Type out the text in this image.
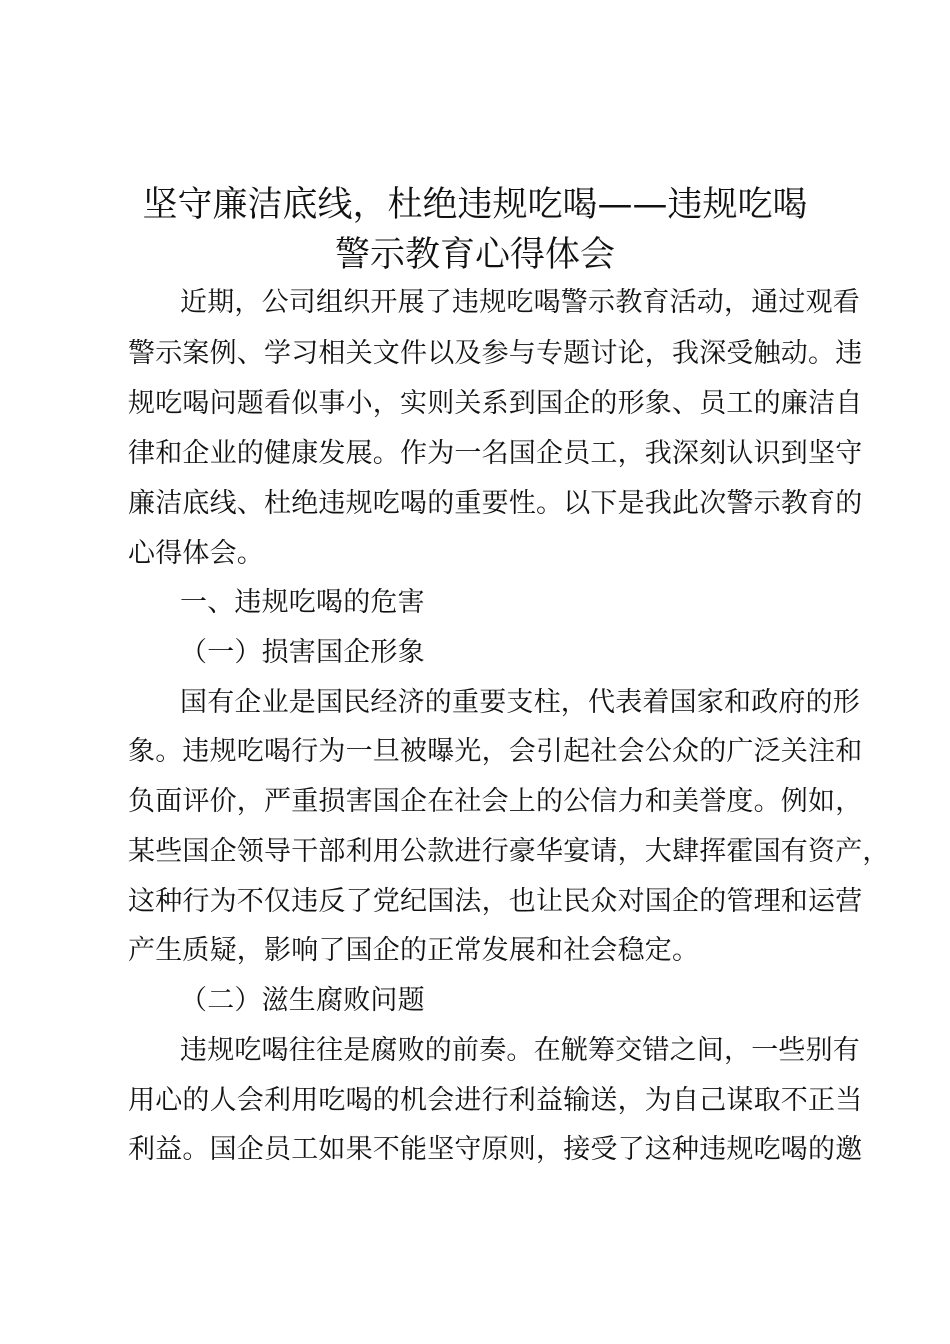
坚守廉洁底线，杜绝违规吃喝——违规吃喝
警示教育心得体会

近期，公司组织开展了违规吃喝警示教育活动，通过观看

警示案例、学习相关文件以及参与专题讨论，我深受触动。违

规吃喝问题看似事小，实则关系到国企的形象、员工的廉洁自

律和企业的健康发展。作为一名国企员工，我深刻认识到坚守

廉洁底线、杜绝违规吃喝的重要性。以下是我此次警示教育的

心得体会。

一、违规吃喝的危害

（一）损害国企形象

国有企业是国民经济的重要支柱，代表着国家和政府的形

象。违规吃喝行为一旦被曝光，会引起社会公众的广泛关注和

负面评价，严重损害国企在社会上的公信力和美誉度。例如，

某些国企领导干部利用公款进行豪华宴请，大肆挥霍国有资产，

这种行为不仅违反了党纪国法，也让民众对国企的管理和运营

产生质疑，影响了国企的正常发展和社会稳定。

（二）滋生腐败问题

违规吃喝往往是腐败的前奏。在觥筹交错之间，一些别有

用心的人会利用吃喝的机会进行利益输送，为自己谋取不正当

利益。国企员工如果不能坚守原则，接受了这种违规吃喝的邀
